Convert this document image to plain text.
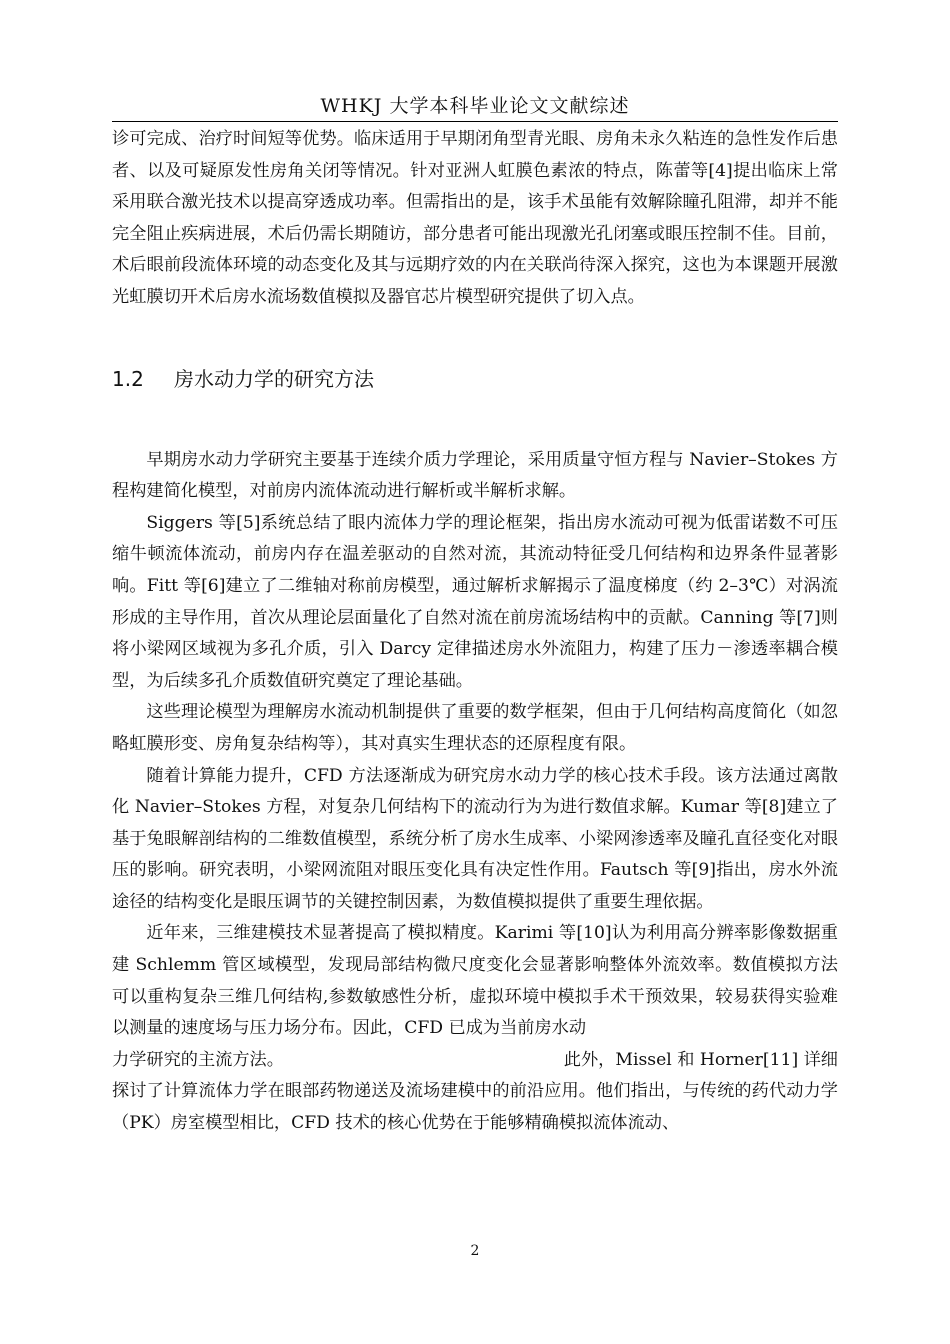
WHKJ 大学本科毕业论文文献综述

诊可完成、治疗时间短等优势。临床适用于早期闭角型青光眼、房角未永久粘连的急性发作后患者、以及可疑原发性房角关闭等情况。针对亚洲人虹膜色素浓的特点，陈蕾等[4]提出临床上常采用联合激光技术以提高穿透成功率。但需指出的是，该手术虽能有效解除瞳孔阻滞，却并不能完全阻止疾病进展，术后仍需长期随访，部分患者可能出现激光孔闭塞或眼压控制不佳。目前，术后眼前段流体环境的动态变化及其与远期疗效的内在关联尚待深入探究，这也为本课题开展激光虹膜切开术后房水流场数值模拟及器官芯片模型研究提供了切入点。

1.2 房水动力学的研究方法

早期房水动力学研究主要基于连续介质力学理论，采用质量守恒方程与 Navier–Stokes 方程构建简化模型，对前房内流体流动进行解析或半解析求解。

Siggers 等[5]系统总结了眼内流体力学的理论框架，指出房水流动可视为低雷诺数不可压缩牛顿流体流动，前房内存在温差驱动的自然对流，其流动特征受几何结构和边界条件显著影响。Fitt 等[6]建立了二维轴对称前房模型，通过解析求解揭示了温度梯度（约 2–3℃）对涡流形成的主导作用，首次从理论层面量化了自然对流在前房流场结构中的贡献。Canning 等[7]则将小梁网区域视为多孔介质，引入 Darcy 定律描述房水外流阻力，构建了压力－渗透率耦合模型，为后续多孔介质数值研究奠定了理论基础。

这些理论模型为理解房水流动机制提供了重要的数学框架，但由于几何结构高度简化（如忽略虹膜形变、房角复杂结构等），其对真实生理状态的还原程度有限。

随着计算能力提升，CFD 方法逐渐成为研究房水动力学的核心技术手段。该方法通过离散化 Navier–Stokes 方程，对复杂几何结构下的流动行为为进行数值求解。Kumar 等[8]建立了基于兔眼解剖结构的二维数值模型，系统分析了房水生成率、小梁网渗透率及瞳孔直径变化对眼压的影响。研究表明，小梁网流阻对眼压变化具有决定性作用。Fautsch 等[9]指出，房水外流途径的结构变化是眼压调节的关键控制因素，为数值模拟提供了重要生理依据。

近年来，三维建模技术显著提高了模拟精度。Karimi 等[10]认为利用高分辨率影像数据重建 Schlemm 管区域模型，发现局部结构微尺度变化会显著影响整体外流效率。数值模拟方法可以重构复杂三维几何结构,参数敏感性分析，虚拟环境中模拟手术干预效果，较易获得实验难以测量的速度场与压力场分布。因此，CFD 已成为当前房水动

力学研究的主流方法。	此外，Missel 和 Horner[11] 详细

探讨了计算流体力学在眼部药物递送及流场建模中的前沿应用。他们指出，与传统的药代动力学（PK）房室模型相比，CFD 技术的核心优势在于能够精确模拟流体流动、

2
